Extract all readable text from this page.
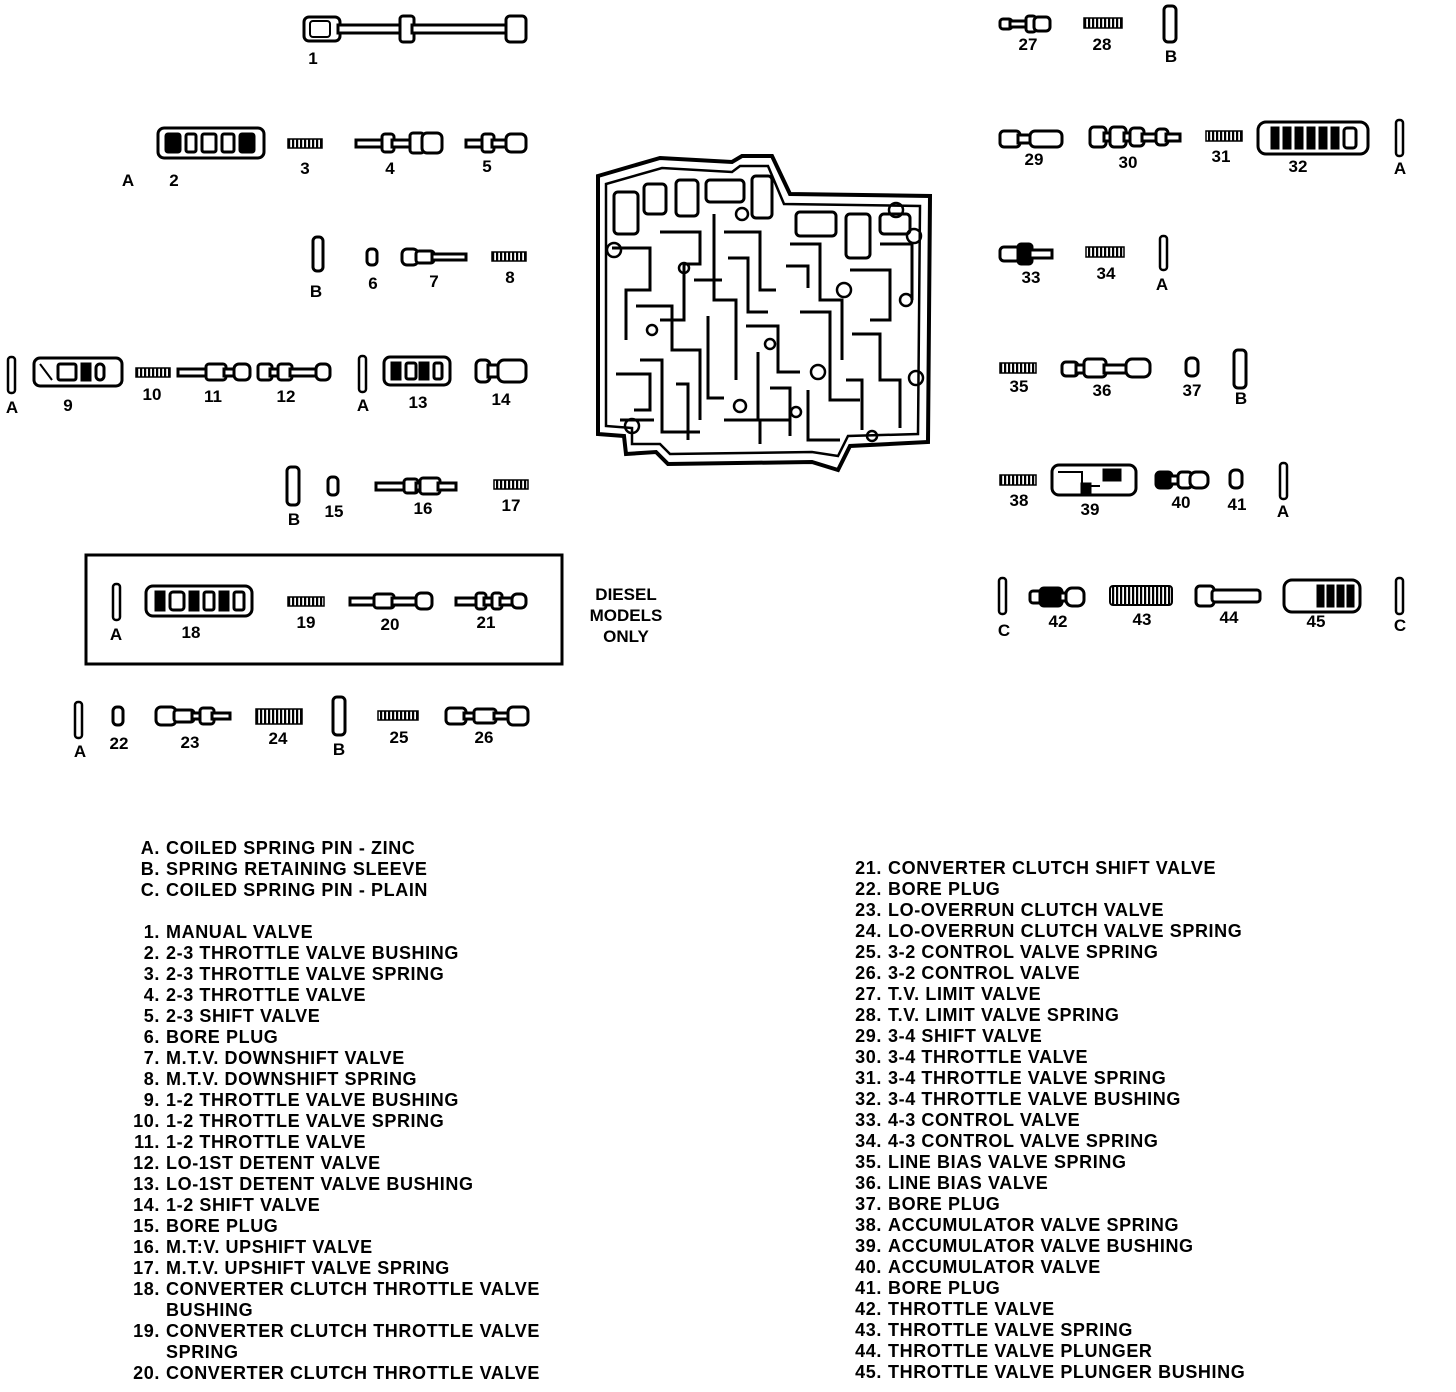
1
A 2
3	4	5
B	6	7	8
A	9
10	11	12	A 13	14
B 15	16	17
A	18
19	20	21
A 22	23	24
B
25	26
27	28
B
29	30	31
32	A
33	34
A
35	36	37 B
38	39	40 41 A
C 42	43	44	45	C
DIESEL
MODELS
ONLY
A. COILED SPRING PIN - ZINC
B. SPRING RETAINING SLEEVE
C. COILED SPRING PIN - PLAIN
1. MANUAL VALVE
2. 2-3 THROTTLE VALVE BUSHING
3. 2-3 THROTTLE VALVE SPRING
4. 2-3 THROTTLE VALVE
5. 2-3 SHIFT VALVE
6. BORE PLUG
7. M.T.V. DOWNSHIFT VALVE
8. M.T.V. DOWNSHIFT SPRING
9. 1-2 THROTTLE VALVE BUSHING
10. 1-2 THROTTLE VALVE SPRING
11. 1-2 THROTTLE VALVE
12. LO-1ST DETENT VALVE
13. LO-1ST DETENT VALVE BUSHING
14. 1-2 SHIFT VALVE
15. BORE PLUG
16. M.T:V. UPSHIFT VALVE
17. M.T.V. UPSHIFT VALVE SPRING
18. CONVERTER CLUTCH THROTTLE VALVE
BUSHING
19. CONVERTER CLUTCH THROTTLE VALVE
SPRING
20. CONVERTER CLUTCH THROTTLE VALVE
21. CONVERTER CLUTCH SHIFT VALVE
22. BORE PLUG
23. LO-OVERRUN CLUTCH VALVE
24. LO-OVERRUN CLUTCH VALVE SPRING
25. 3-2 CONTROL VALVE SPRING
26. 3-2 CONTROL VALVE
27. T.V. LIMIT VALVE
28. T.V. LIMIT VALVE SPRING
29. 3-4 SHIFT VALVE
30. 3-4 THROTTLE VALVE
31. 3-4 THROTTLE VALVE SPRING
32. 3-4 THROTTLE VALVE BUSHING
33. 4-3 CONTROL VALVE
34. 4-3 CONTROL VALVE SPRING
35. LINE BIAS VALVE SPRING
36. LINE BIAS VALVE
37. BORE PLUG
38. ACCUMULATOR VALVE SPRING
39. ACCUMULATOR VALVE BUSHING
40. ACCUMULATOR VALVE
41. BORE PLUG
42. THROTTLE VALVE
43. THROTTLE VALVE SPRING
44. THROTTLE VALVE PLUNGER
45. THROTTLE VALVE PLUNGER BUSHING
